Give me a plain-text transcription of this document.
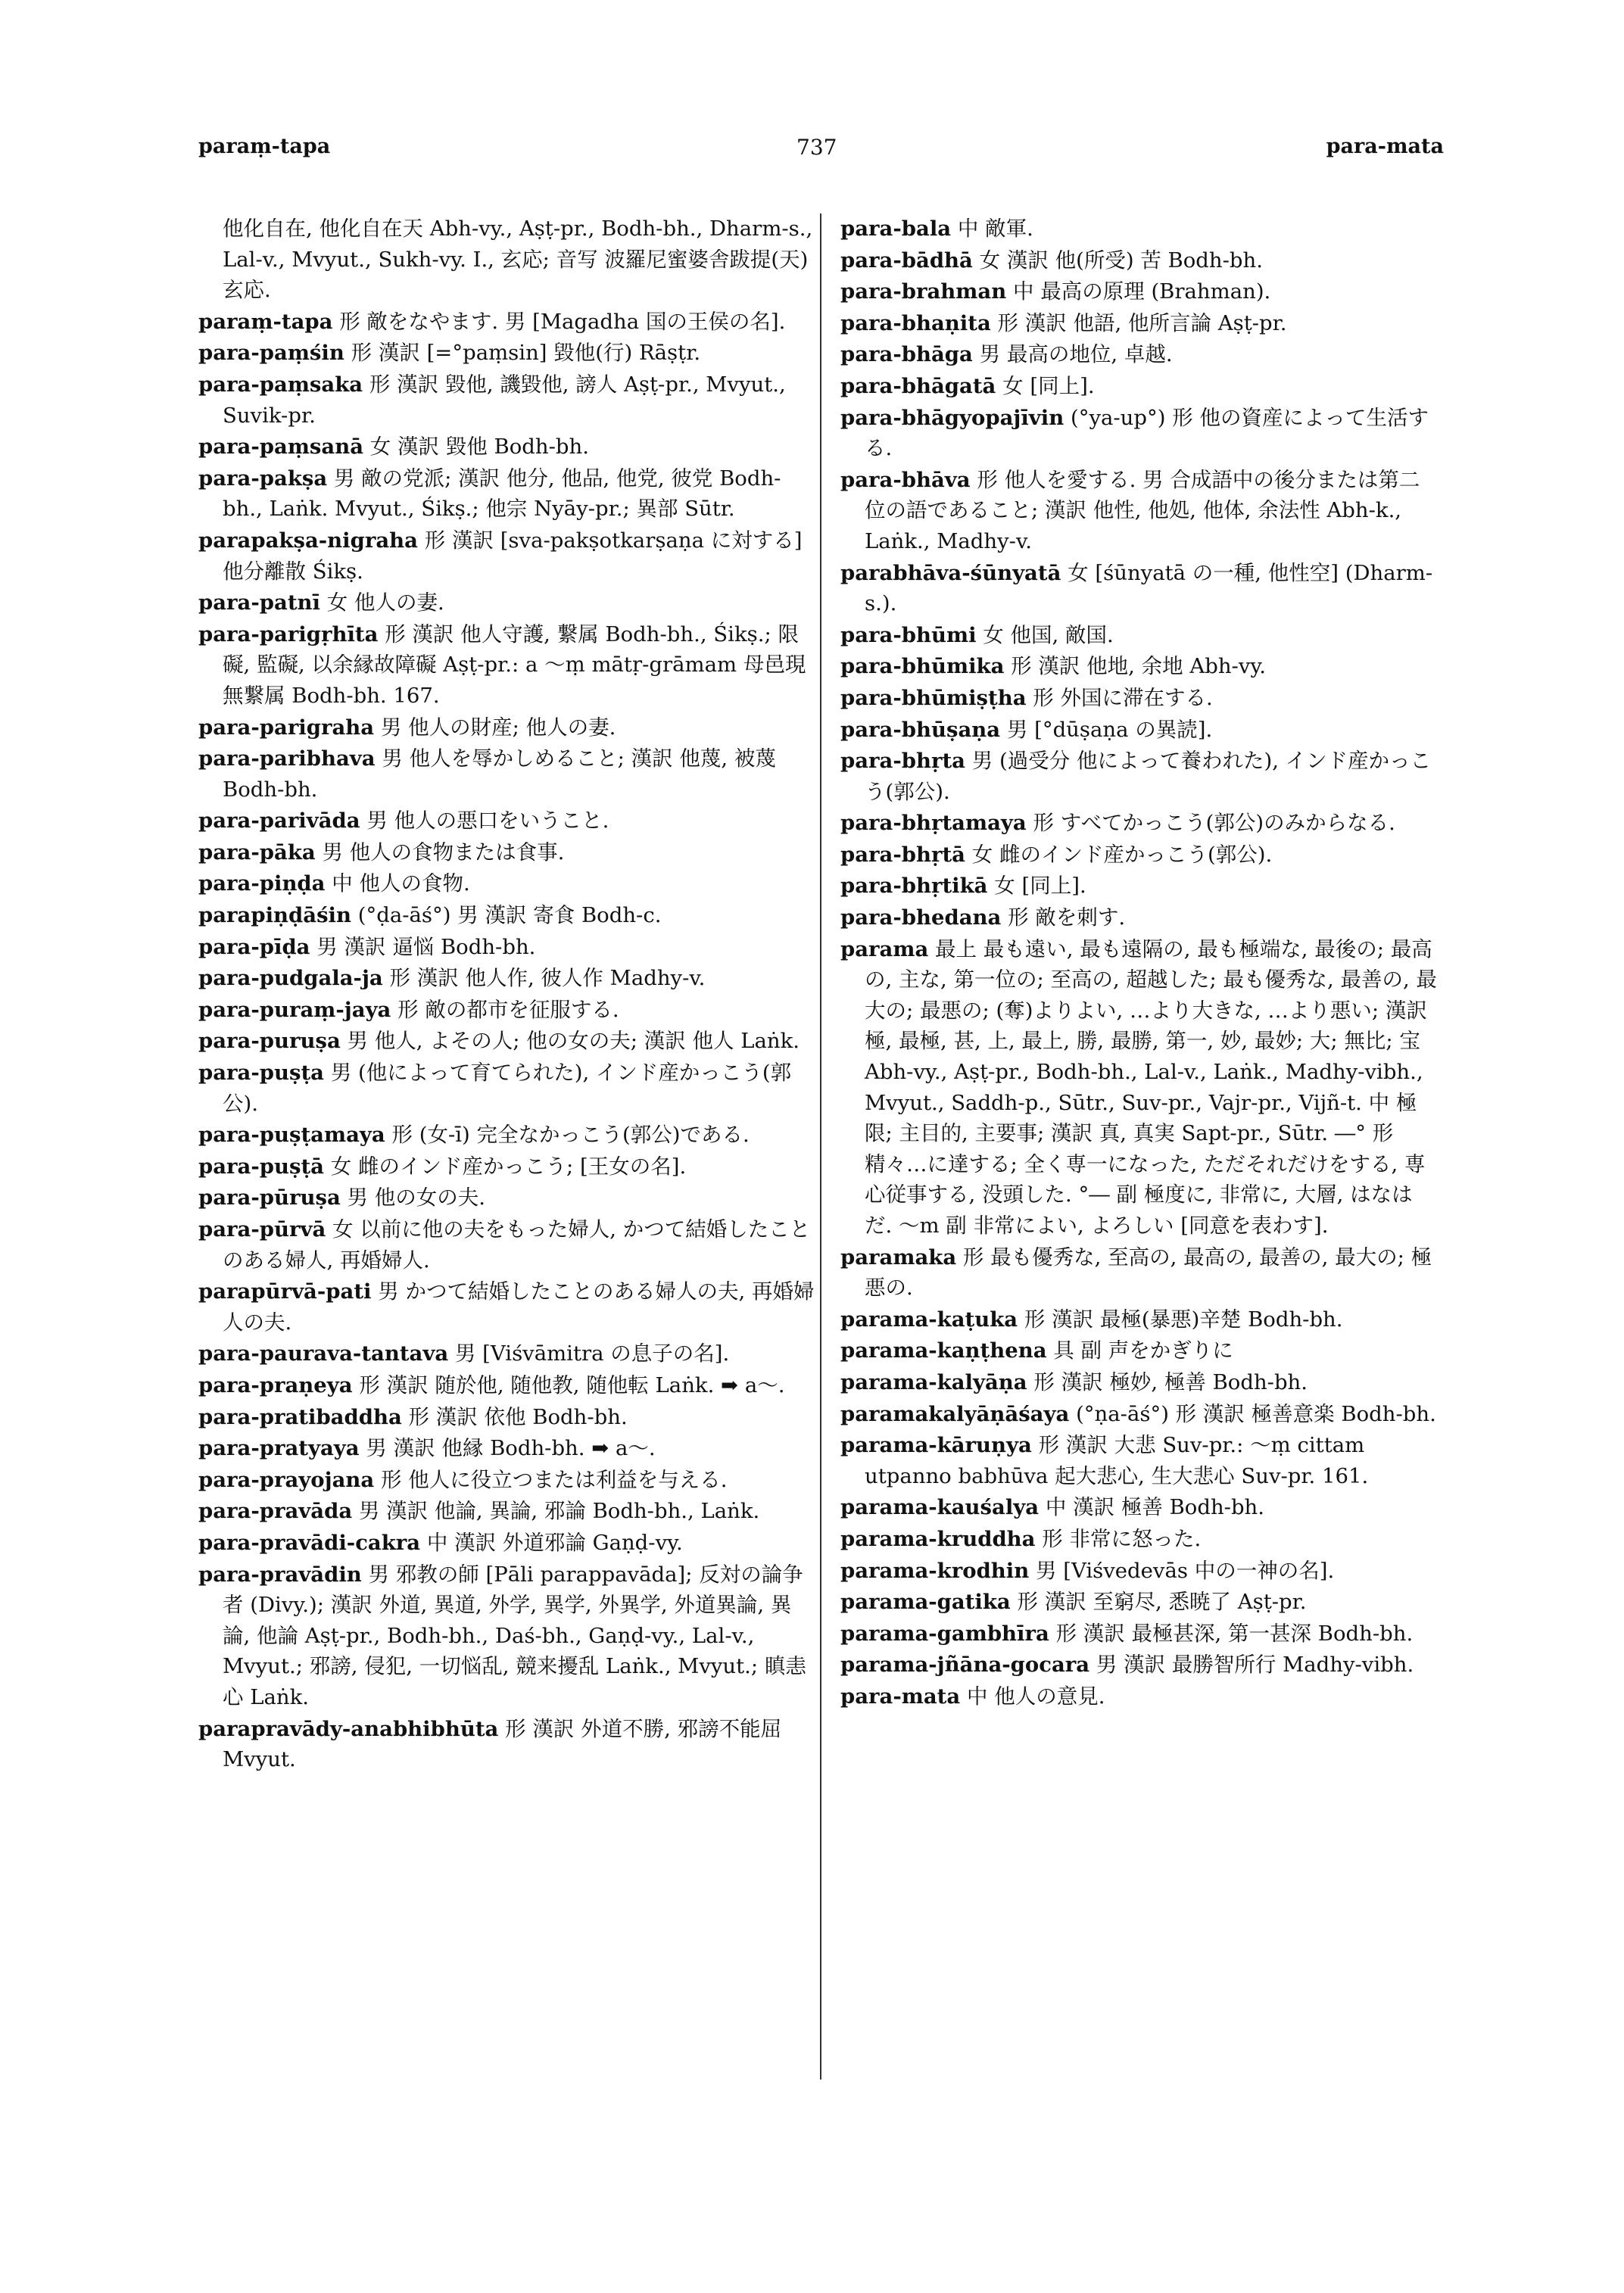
paraṃ-tapa	737	para-mata
他化自在, 他化自在天 Abh-vy., Aṣṭ-pr., Bodh-bh., Dharm-s., Lal-v., Mvyut., Sukh-vy. I., 玄応; 音写 波羅尼蜜婆舎跋提(天) 玄応.
paraṃ-tapa 形 敵をなやます. 男 [Magadha 国の王侯の名].
para-paṃśin 形 漢訳 [=°paṃsin] 毀他(行) Rāṣṭr.
para-paṃsaka 形 漢訳 毀他, 譏毀他, 謗人 Aṣṭ-pr., Mvyut., Suvik-pr.
para-paṃsanā 女 漢訳 毀他 Bodh-bh.
para-pakṣa 男 敵の党派; 漢訳 他分, 他品, 他党, 彼党 Bodh-bh., Laṅk. Mvyut., Śikṣ.; 他宗 Nyāy-pr.; 異部 Sūtr.
parapakṣa-nigraha 形 漢訳 [sva-pakṣotkarṣaṇa に対する] 他分離散 Śikṣ.
para-patnī 女 他人の妻.
para-parigṛhīta 形 漢訳 他人守護, 繋属 Bodh-bh., Śikṣ.; 限礙, 監礙, 以余縁故障礙 Aṣṭ-pr.: a 〜ṃ mātṛ-grāmam 母邑現無繋属 Bodh-bh. 167.
para-parigraha 男 他人の財産; 他人の妻.
para-paribhava 男 他人を辱かしめること; 漢訳 他蔑, 被蔑 Bodh-bh.
para-parivāda 男 他人の悪口をいうこと.
para-pāka 男 他人の食物または食事.
para-piṇḍa 中 他人の食物.
parapiṇḍāśin (°ḍa-āś°) 男 漢訳 寄食 Bodh-c.
para-pīḍa 男 漢訳 逼悩 Bodh-bh.
para-pudgala-ja 形 漢訳 他人作, 彼人作 Madhy-v.
para-puraṃ-jaya 形 敵の都市を征服する.
para-puruṣa 男 他人, よその人; 他の女の夫; 漢訳 他人 Laṅk.
para-puṣṭa 男 (他によって育てられた), インド産かっこう(郭公).
para-puṣṭamaya 形 (女-ī) 完全なかっこう(郭公)である.
para-puṣṭā 女 雌のインド産かっこう; [王女の名].
para-pūruṣa 男 他の女の夫.
para-pūrvā 女 以前に他の夫をもった婦人, かつて結婚したことのある婦人, 再婚婦人.
parapūrvā-pati 男 かつて結婚したことのある婦人の夫, 再婚婦人の夫.
para-paurava-tantava 男 [Viśvāmitra の息子の名].
para-praṇeya 形 漢訳 随於他, 随他教, 随他転 Laṅk. ➡ a〜.
para-pratibaddha 形 漢訳 依他 Bodh-bh.
para-pratyaya 男 漢訳 他縁 Bodh-bh. ➡ a〜.
para-prayojana 形 他人に役立つまたは利益を与える.
para-pravāda 男 漢訳 他論, 異論, 邪論 Bodh-bh., Laṅk.
para-pravādi-cakra 中 漢訳 外道邪論 Gaṇḍ-vy.
para-pravādin 男 邪教の師 [Pāli parappavāda]; 反対の論争者 (Divy.); 漢訳 外道, 異道, 外学, 異学, 外異学, 外道異論, 異論, 他論 Aṣṭ-pr., Bodh-bh., Daś-bh., Gaṇḍ-vy., Lal-v., Mvyut.; 邪謗, 侵犯, 一切悩乱, 競来擾乱 Laṅk., Mvyut.; 瞋恚心 Laṅk.
parapravādy-anabhibhūta 形 漢訳 外道不勝, 邪謗不能屈 Mvyut.
para-bala 中 敵軍.
para-bādhā 女 漢訳 他(所受) 苦 Bodh-bh.
para-brahman 中 最高の原理 (Brahman).
para-bhaṇita 形 漢訳 他語, 他所言論 Aṣṭ-pr.
para-bhāga 男 最高の地位, 卓越.
para-bhāgatā 女 [同上].
para-bhāgyopajīvin (°ya-up°) 形 他の資産によって生活する.
para-bhāva 形 他人を愛する. 男 合成語中の後分または第二位の語であること; 漢訳 他性, 他処, 他体, 余法性 Abh-k., Laṅk., Madhy-v.
parabhāva-śūnyatā 女 [śūnyatā の一種, 他性空] (Dharm-s.).
para-bhūmi 女 他国, 敵国.
para-bhūmika 形 漢訳 他地, 余地 Abh-vy.
para-bhūmiṣṭha 形 外国に滞在する.
para-bhūṣaṇa 男 [°dūṣaṇa の異読].
para-bhṛta 男 (過受分 他によって養われた), インド産かっこう(郭公).
para-bhṛtamaya 形 すべてかっこう(郭公)のみからなる.
para-bhṛtā 女 雌のインド産かっこう(郭公).
para-bhṛtikā 女 [同上].
para-bhedana 形 敵を刺す.
parama 最上 最も遠い, 最も遠隔の, 最も極端な, 最後の; 最高の, 主な, 第一位の; 至高の, 超越した; 最も優秀な, 最善の, 最大の; 最悪の; (奪)よりよい, …より大きな, …より悪い; 漢訳 極, 最極, 甚, 上, 最上, 勝, 最勝, 第一, 妙, 最妙; 大; 無比; 宝 Abh-vy., Aṣṭ-pr., Bodh-bh., Lal-v., Laṅk., Madhy-vibh., Mvyut., Saddh-p., Sūtr., Suv-pr., Vajr-pr., Vijñ-t. 中 極限; 主目的, 主要事; 漢訳 真, 真実 Sapt-pr., Sūtr. ―° 形 精々…に達する; 全く専一になった, ただそれだけをする, 専心従事する, 没頭した. °― 副 極度に, 非常に, 大層, はなはだ. 〜m 副 非常によい, よろしい [同意を表わす].
paramaka 形 最も優秀な, 至高の, 最高の, 最善の, 最大の; 極悪の.
parama-kaṭuka 形 漢訳 最極(暴悪)辛楚 Bodh-bh.
parama-kaṇṭhena 具 副 声をかぎりに
parama-kalyāṇa 形 漢訳 極妙, 極善 Bodh-bh.
paramakalyāṇāśaya (°ṇa-āś°) 形 漢訳 極善意楽 Bodh-bh.
parama-kāruṇya 形 漢訳 大悲 Suv-pr.: 〜ṃ cittam utpanno babhūva 起大悲心, 生大悲心 Suv-pr. 161.
parama-kauśalya 中 漢訳 極善 Bodh-bh.
parama-kruddha 形 非常に怒った.
parama-krodhin 男 [Viśvedevās 中の一神の名].
parama-gatika 形 漢訳 至窮尽, 悉暁了 Aṣṭ-pr.
parama-gambhīra 形 漢訳 最極甚深, 第一甚深 Bodh-bh.
parama-jñāna-gocara 男 漢訳 最勝智所行 Madhy-vibh.
para-mata 中 他人の意見.
